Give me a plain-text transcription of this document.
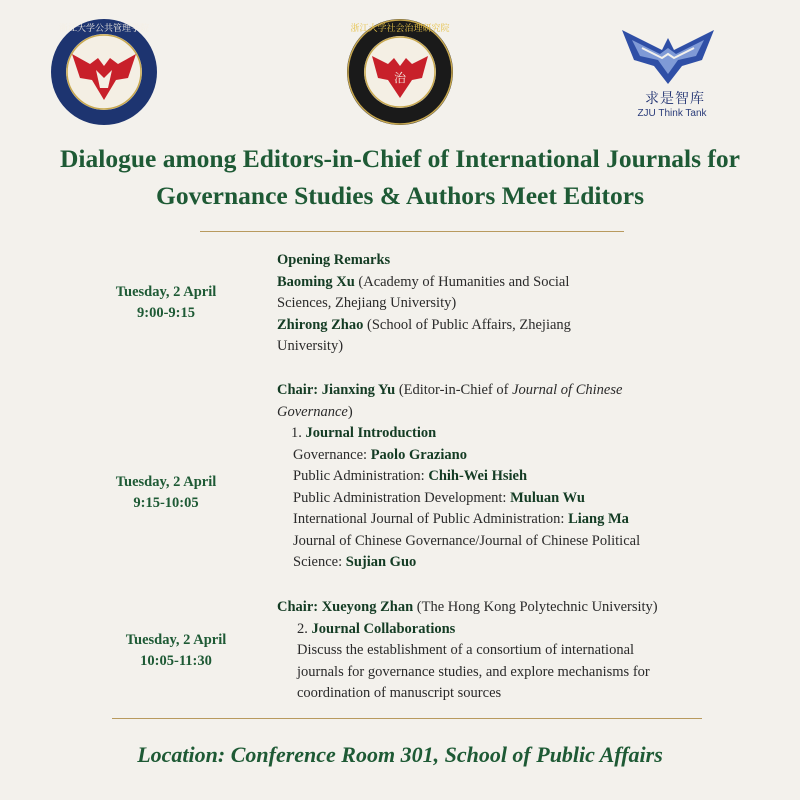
浙江大学公共管理学院
治
浙江大学社会治理研究院
求是智库
ZJU Think Tank
Dialogue among Editors-in-Chief of International Journals for
Governance Studies & Authors Meet Editors
Tuesday, 2 April
9:00-9:15
Opening Remarks
Baoming Xu (Academy of Humanities and Social
Sciences, Zhejiang University)
Zhirong Zhao (School of Public Affairs, Zhejiang
University)
Tuesday, 2 April
9:15-10:05
Chair: Jianxing Yu (Editor-in-Chief of Journal of Chinese
Governance)
1. Journal Introduction
Governance: Paolo Graziano
Public Administration: Chih-Wei Hsieh
Public Administration Development: Muluan Wu
International Journal of Public Administration: Liang Ma
Journal of Chinese Governance/Journal of Chinese Political
Science: Sujian Guo
Tuesday, 2 April
10:05-11:30
Chair: Xueyong Zhan (The Hong Kong Polytechnic University)
2. Journal Collaborations
Discuss the establishment of a consortium of international
journals for governance studies, and explore mechanisms for
coordination of manuscript sources
Location: Conference Room 301, School of Public Affairs
